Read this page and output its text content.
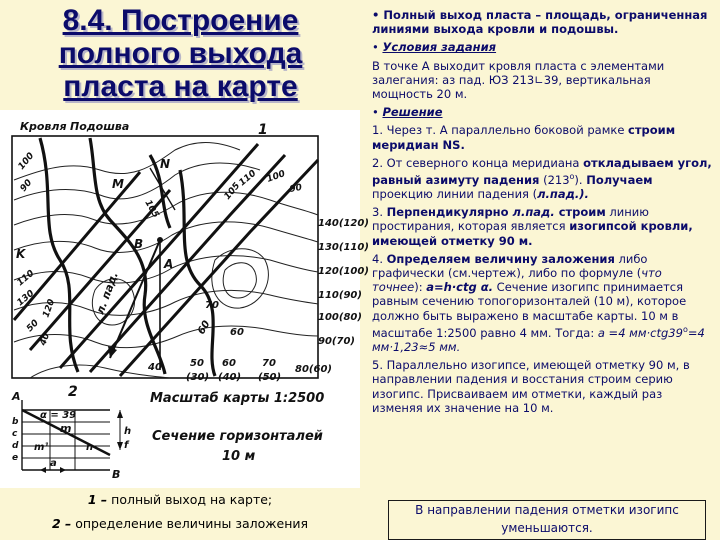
8.4. Построение полного выхода пласта на карте
Кровля Подошва	1
N
M
B
A
K
л. пад.
100
90
110
50
40
120
130
105
105
110 100
90
140(120)
130(110)
120(100)
110(90)
100(80)
90(70)
70
60 60
40	50 60	70
80(60)
(30) (40) (50)
2
A
α = 39
m
m¹	n
a
B
h
f
b
c
d
e
Масштаб карты 1:2500
Сечение горизонталей
10 м
1 – полный выход на карте;
2 – определение величины заложения

• Полный выход пласта – площадь, ограниченная линиями выхода кровли и подошвы.

• Условия задания

В точке А выходит кровля пласта с элементами залегания: аз пад. ЮЗ 213∟39, вертикальная мощность 20 м.

• Решение

1. Через т. А параллельно боковой рамке строим меридиан NS.

2. От северного конца меридиана откладываем угол, равный азимуту падения $(213^о)$. Получаем проекцию линии падения (л.пад.).

3. Перпендикулярно л.пад. строим линию простирания, которая является изогипсой кровли, имеющей отметку 90 м.

4. Определяем величину заложения либо графически (см.чертеж), либо по формуле (что точнее): a=h·ctg α. Сечение изогипс принимается равным сечению топогоризонталей (10 м), которое должно быть выражено в масштабе карты. 10 м в масштабе 1:2500 равно 4 мм. Тогда: a =4 $мм\cdot ctg39^о=4$ мм·1,23≈5 мм.

5. Параллельно изогипсе, имеющей отметку 90 м, в направлении падения и восстания строим серию изогипс. Присваиваем им отметки, каждый раз изменяя их значение на 10 м.

В направлении падения отметки изогипс уменьшаются.
